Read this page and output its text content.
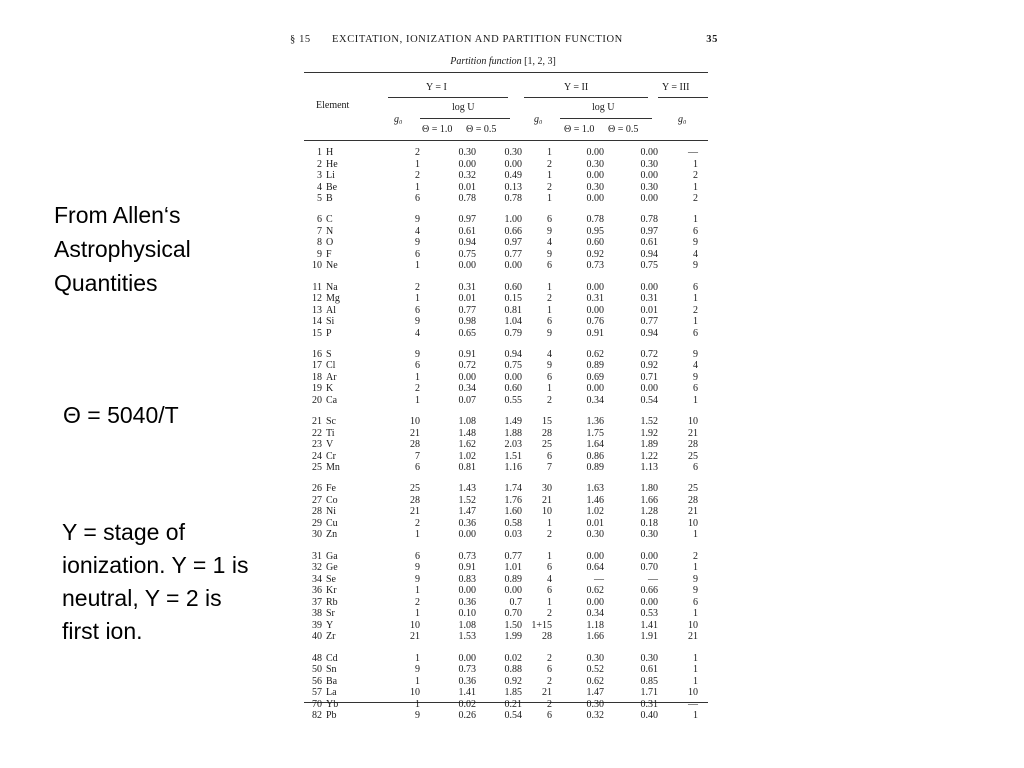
From Allen‘s Astrophysical Quantities
Θ = 5040/T
Y = stage of ionization. Y = 1 is neutral, Y = 2 is first ion.
§ 15 EXCITATION, IONIZATION AND PARTITION FUNCTION	35
Partition function [1, 2, 3]
Element
Y = I	Y = II	Y = III
g₀
log U
Θ = 1.0 Θ = 0.5
g₀
log U
Θ = 1.0 Θ = 0.5
g₀
1	H	2	0.30	0.30	1	0.00	0.00	—
2	He	1	0.00	0.00	2	0.30	0.30	1
3	Li	2	0.32	0.49	1	0.00	0.00	2
4	Be	1	0.01	0.13	2	0.30	0.30	1
5	B	6	0.78	0.78	1	0.00	0.00	2

6	C	9	0.97	1.00	6	0.78	0.78	1
7	N	4	0.61	0.66	9	0.95	0.97	6
8	O	9	0.94	0.97	4	0.60	0.61	9
9	F	6	0.75	0.77	9	0.92	0.94	4
10	Ne	1	0.00	0.00	6	0.73	0.75	9

11	Na	2	0.31	0.60	1	0.00	0.00	6
12	Mg	1	0.01	0.15	2	0.31	0.31	1
13	Al	6	0.77	0.81	1	0.00	0.01	2
14	Si	9	0.98	1.04	6	0.76	0.77	1
15	P	4	0.65	0.79	9	0.91	0.94	6

16	S	9	0.91	0.94	4	0.62	0.72	9
17	Cl	6	0.72	0.75	9	0.89	0.92	4
18	Ar	1	0.00	0.00	6	0.69	0.71	9
19	K	2	0.34	0.60	1	0.00	0.00	6
20	Ca	1	0.07	0.55	2	0.34	0.54	1

21	Sc	10	1.08	1.49	15	1.36	1.52	10
22	Ti	21	1.48	1.88	28	1.75	1.92	21
23	V	28	1.62	2.03	25	1.64	1.89	28
24	Cr	7	1.02	1.51	6	0.86	1.22	25
25	Mn	6	0.81	1.16	7	0.89	1.13	6

26	Fe	25	1.43	1.74	30	1.63	1.80	25
27	Co	28	1.52	1.76	21	1.46	1.66	28
28	Ni	21	1.47	1.60	10	1.02	1.28	21
29	Cu	2	0.36	0.58	1	0.01	0.18	10
30	Zn	1	0.00	0.03	2	0.30	0.30	1

31	Ga	6	0.73	0.77	1	0.00	0.00	2
32	Ge	9	0.91	1.01	6	0.64	0.70	1
34	Se	9	0.83	0.89	4	—	—	9
36	Kr	1	0.00	0.00	6	0.62	0.66	9
37	Rb	2	0.36	0.7	1	0.00	0.00	6
38	Sr	1	0.10	0.70	2	0.34	0.53	1
39	Y	10	1.08	1.50	1+15	1.18	1.41	10
40	Zr	21	1.53	1.99	28	1.66	1.91	21

48	Cd	1	0.00	0.02	2	0.30	0.30	1
50	Sn	9	0.73	0.88	6	0.52	0.61	1
56	Ba	1	0.36	0.92	2	0.62	0.85	1
57	La	10	1.41	1.85	21	1.47	1.71	10
70	Yb	1	0.02	0.21	2	0.30	0.31	—
82	Pb	9	0.26	0.54	6	0.32	0.40	1
